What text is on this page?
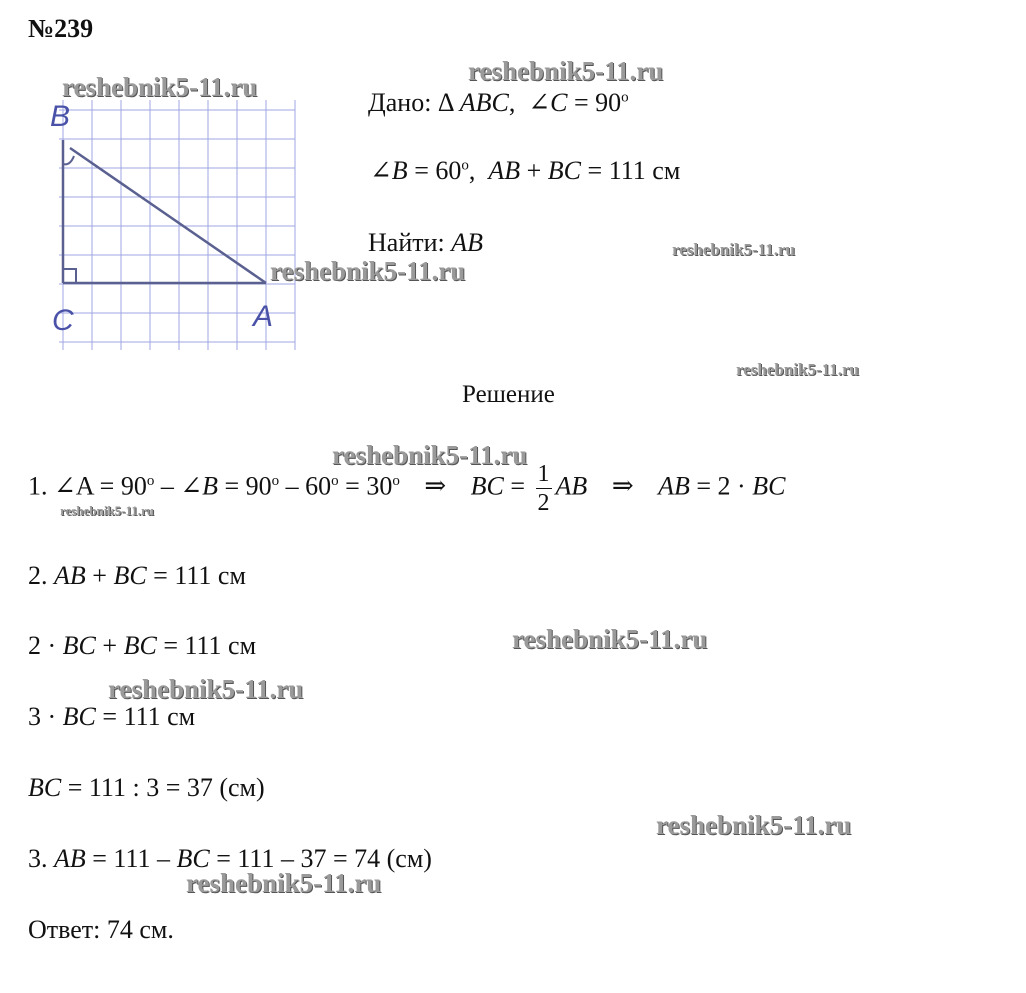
№239
B
C	A
Дано: Δ ABC,  ∠C = $90^o$
∠B = $60^o$,  AB + BC = 111 см
Найти: AB
Решение
1. ∠A = $90^o$ – ∠B = $90^o - 60^o = 30^o$ ⇒ BC = $\frac{1}{2}$ AB ⇒ AB = 2 · BC
2. AB + BC = 111 см
2 · BC + BC = 111 см
3 · BC = 111 см
BC = 111 : 3 = 37 (см)
3. AB = 111 – BC = 111 – 37 = 74 (см)
Ответ: 74 см.
reshebnik5-11.ru
reshebnik5-11.ru
reshebnik5-11.ru
reshebnik5-11.ru
reshebnik5-11.ru
reshebnik5-11.ru
reshebnik5-11.ru
reshebnik5-11.ru
reshebnik5-11.ru
reshebnik5-11.ru
reshebnik5-11.ru
